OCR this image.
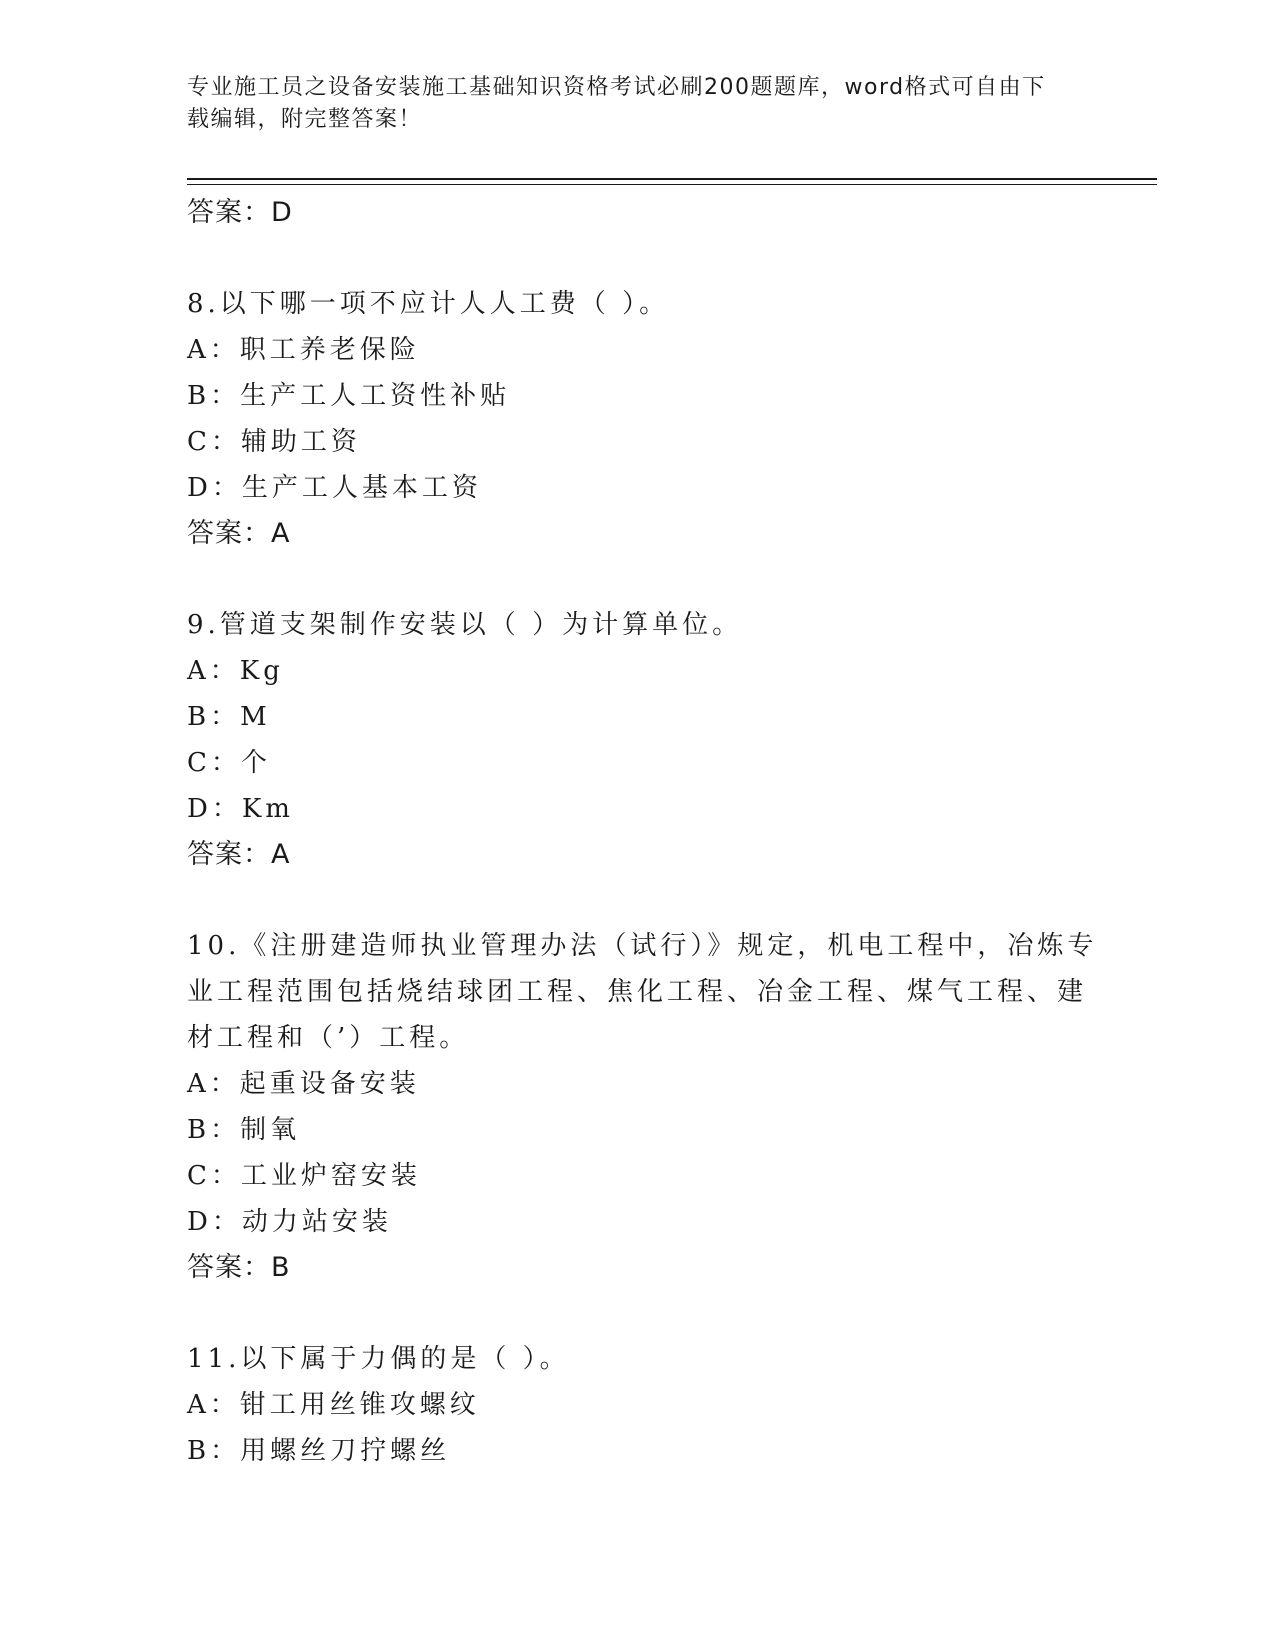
专业施工员之设备安装施工基础知识资格考试必刷200题题库，word格式可自由下载编辑，附完整答案！
答案：D
8.以下哪一项不应计人人工费（ ）。
A：职工养老保险
B：生产工人工资性补贴
C：辅助工资
D：生产工人基本工资
答案：A
9.管道支架制作安装以（ ）为计算单位。
A：Kg
B：M
C：个
D：Km
答案：A
10.《注册建造师执业管理办法（试行）》规定，机电工程中，冶炼专
业工程范围包括烧结球团工程、焦化工程、冶金工程、煤气工程、建
材工程和（’）工程。
A：起重设备安装
B：制氧
C：工业炉窑安装
D：动力站安装
答案：B
11.以下属于力偶的是（ ）。
A：钳工用丝锥攻螺纹
B：用螺丝刀拧螺丝
